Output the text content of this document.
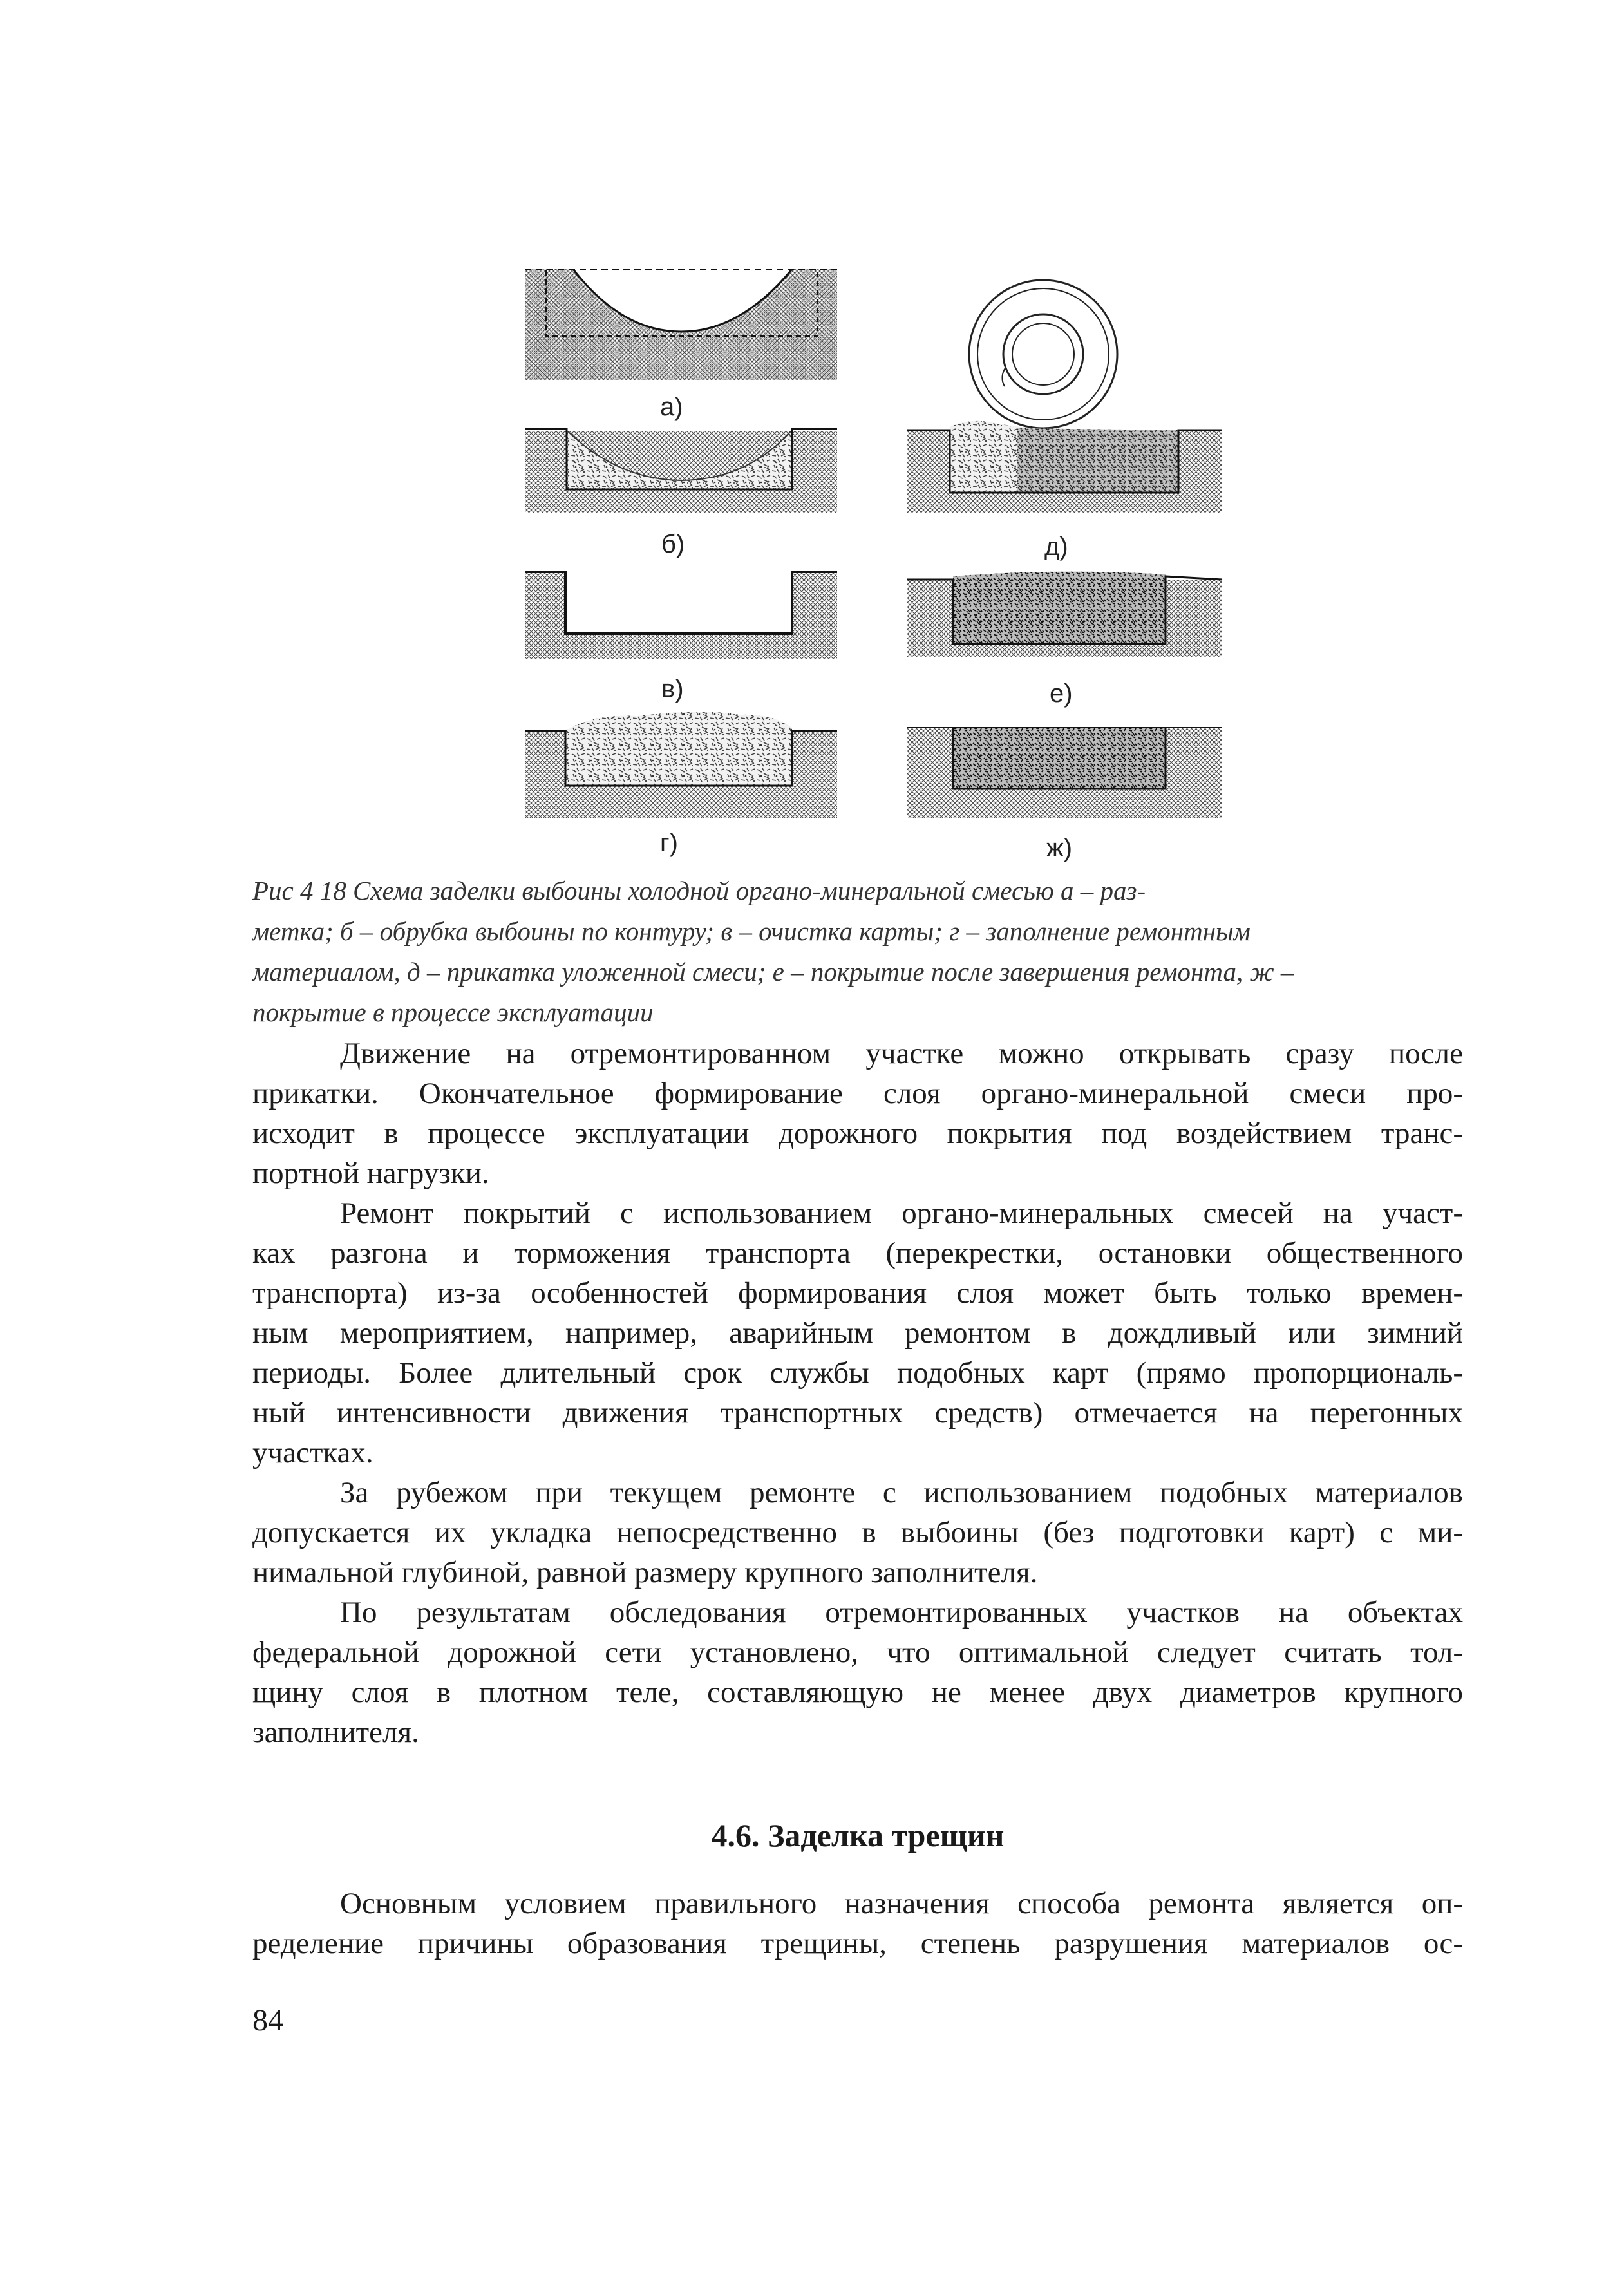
а)
б)
в)
г)
д)
е)
ж)
Рис 4 18 Схема заделки выбоины холодной органо-минеральной смесью а – раз-
метка; б – обрубка выбоины по контуру; в – очистка карты; г – заполнение ремонтным
материалом, д – прикатка уложенной смеси; е – покрытие после завершения ремонта, ж –
покрытие в процессе эксплуатации

Движение на отремонтированном участке можно открывать сразу после
прикатки. Окончательное формирование слоя органо-минеральной смеси про-
исходит в процессе эксплуатации дорожного покрытия под воздействием транс-
портной нагрузки.

Ремонт покрытий с использованием органо-минеральных смесей на участ-
ках разгона и торможения транспорта (перекрестки, остановки общественного
транспорта) из-за особенностей формирования слоя может быть только времен-
ным мероприятием, например, аварийным ремонтом в дождливый или зимний
периоды. Более длительный срок службы подобных карт (прямо пропорциональ-
ный интенсивности движения транспортных средств) отмечается на перегонных
участках.

За рубежом при текущем ремонте с использованием подобных материалов
допускается их укладка непосредственно в выбоины (без подготовки карт) с ми-
нимальной глубиной, равной размеру крупного заполнителя.

По результатам обследования отремонтированных участков на объектах
федеральной дорожной сети установлено, что оптимальной следует считать тол-
щину слоя в плотном теле, составляющую не менее двух диаметров крупного
заполнителя.

4.6. Заделка трещин

Основным условием правильного назначения способа ремонта является оп-
ределение причины образования трещины, степень разрушения материалов ос-

84
